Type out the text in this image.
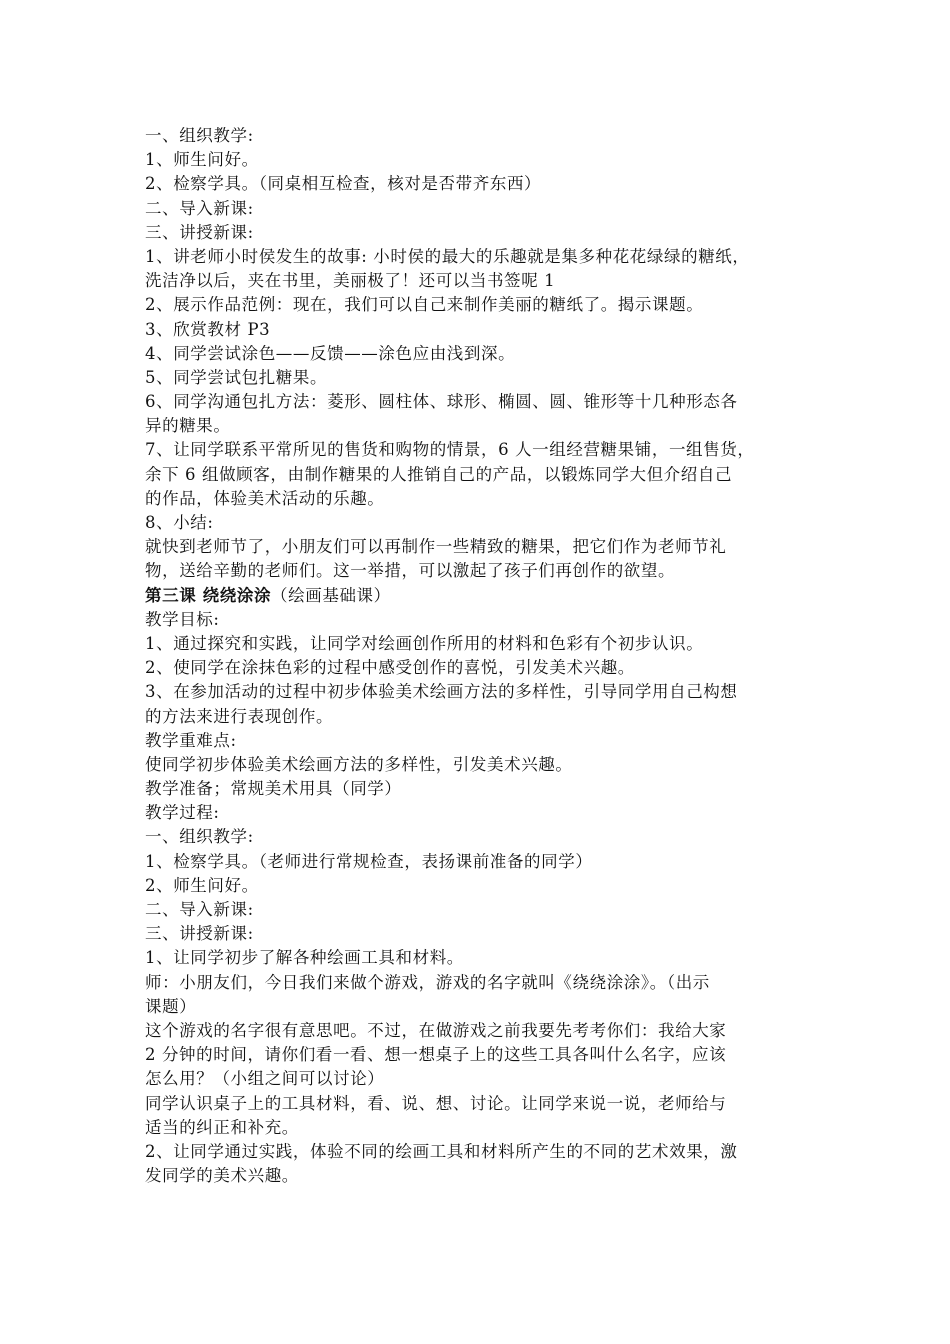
一、组织教学:
1、师生问好。
2、检察学具。（同桌相互检查，核对是否带齐东西）
二、导入新课:
三、讲授新课:
1、讲老师小时侯发生的故事: 小时侯的最大的乐趣就是集多种花花绿绿的糖纸，
洗洁净以后，夹在书里，美丽极了！还可以当书签呢 1
2、展示作品范例：现在，我们可以自己来制作美丽的糖纸了。揭示课题。
3、欣赏教材 P3
4、同学尝试涂色——反馈——涂色应由浅到深。
5、同学尝试包扎糖果。
6、同学沟通包扎方法：菱形、圆柱体、球形、椭圆、圆、锥形等十几种形态各
异的糖果。
7、让同学联系平常所见的售货和购物的情景，6 人一组经营糖果铺，一组售货，
余下 6 组做顾客，由制作糖果的人推销自己的产品，以锻炼同学大但介绍自己
的作品，体验美术活动的乐趣。
8、小结:
就快到老师节了，小朋友们可以再制作一些精致的糖果，把它们作为老师节礼
物，送给辛勤的老师们。这一举措，可以激起了孩子们再创作的欲望。
第三课 绕绕涂涂（绘画基础课）
教学目标:
1、通过探究和实践，让同学对绘画创作所用的材料和色彩有个初步认识。
2、使同学在涂抹色彩的过程中感受创作的喜悦，引发美术兴趣。
3、在参加活动的过程中初步体验美术绘画方法的多样性，引导同学用自己构想
的方法来进行表现创作。
教学重难点:
使同学初步体验美术绘画方法的多样性，引发美术兴趣。
教学准备；常规美术用具（同学）
教学过程:
一、组织教学:
1、检察学具。（老师进行常规检查，表扬课前准备的同学）
2、师生问好。
二、导入新课:
三、讲授新课:
1、让同学初步了解各种绘画工具和材料。
师：小朋友们，今日我们来做个游戏，游戏的名字就叫《绕绕涂涂》。（出示
课题）
这个游戏的名字很有意思吧。不过，在做游戏之前我要先考考你们：我给大家
2 分钟的时间，请你们看一看、想一想桌子上的这些工具各叫什么名字，应该
怎么用？（小组之间可以讨论）
同学认识桌子上的工具材料，看、说、想、讨论。让同学来说一说，老师给与
适当的纠正和补充。
2、让同学通过实践，体验不同的绘画工具和材料所产生的不同的艺术效果，激
发同学的美术兴趣。
